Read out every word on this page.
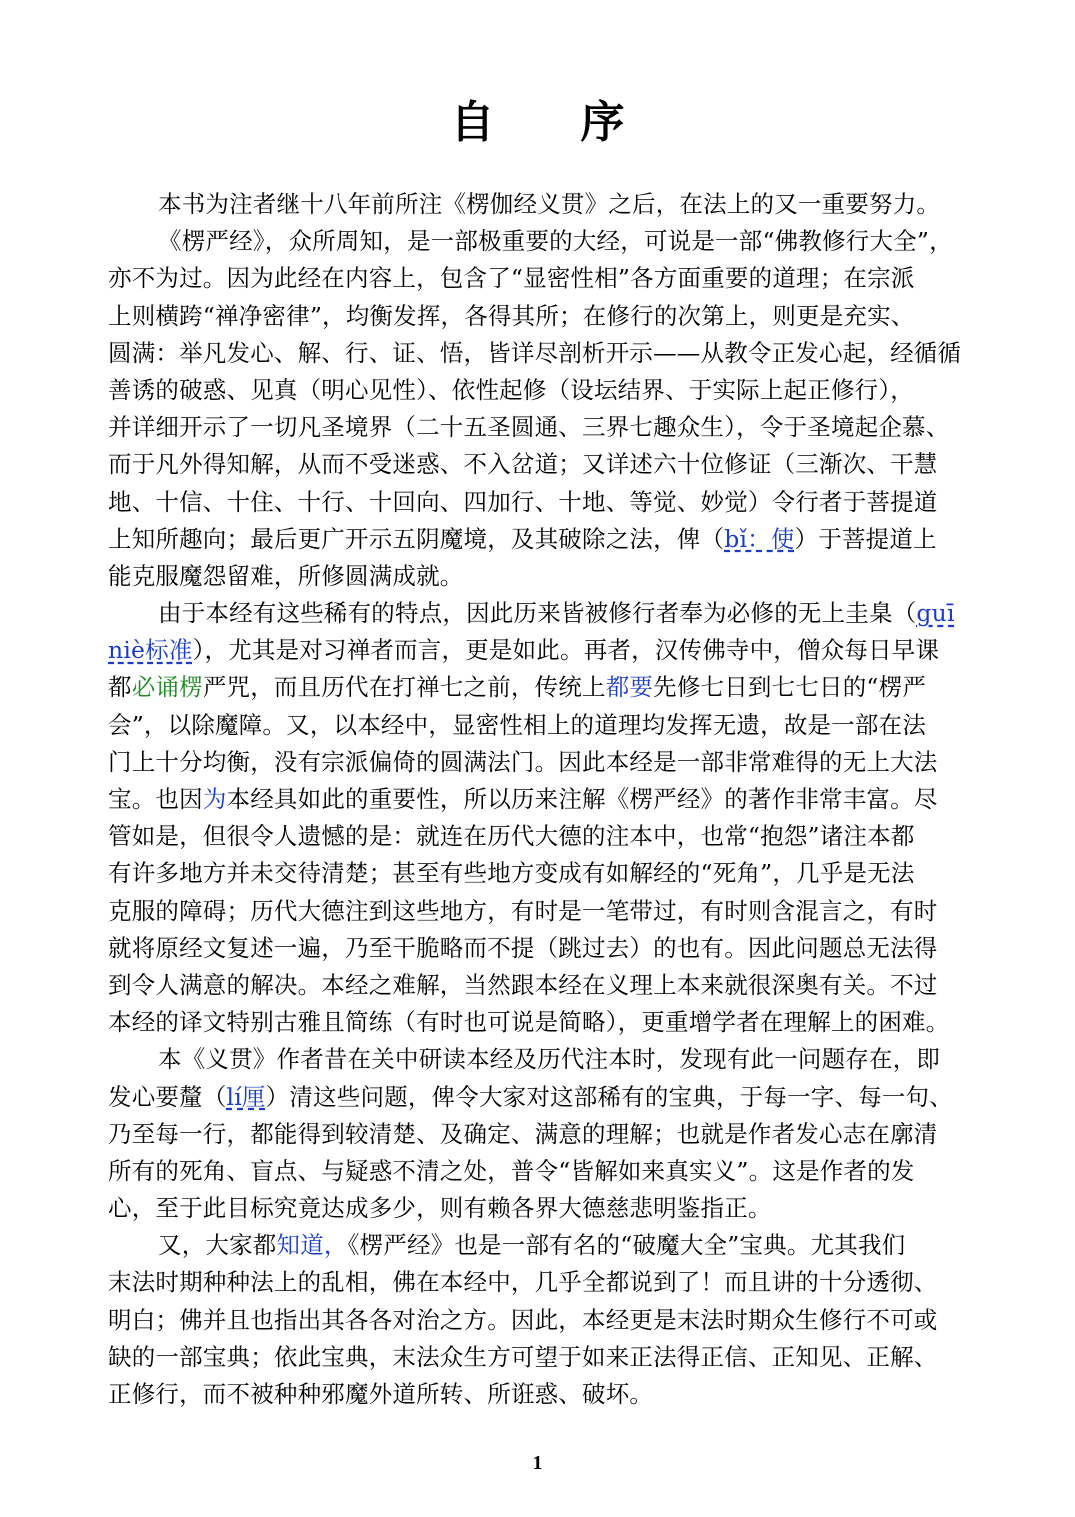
自 序
本书为注者继十八年前所注《楞伽经义贯》之后，在法上的又一重要努力。
《楞严经》，众所周知，是一部极重要的大经，可说是一部“佛教修行大全”，
亦不为过。因为此经在内容上，包含了“显密性相”各方面重要的道理；在宗派
上则横跨“禅净密律”，均衡发挥，各得其所；在修行的次第上，则更是充实、
圆满：举凡发心、解、行、证、悟，皆详尽剖析开示——从教令正发心起，经循循
善诱的破惑、见真（明心见性）、依性起修（设坛结界、于实际上起正修行），
并详细开示了一切凡圣境界（二十五圣圆通、三界七趣众生），令于圣境起企慕、
而于凡外得知解，从而不受迷惑、不入岔道；又详述六十位修证（三渐次、干慧
地、十信、十住、十行、十回向、四加行、十地、等觉、妙觉）令行者于菩提道
上知所趣向；最后更广开示五阴魔境，及其破除之法，俾（bǐ：使）于菩提道上
能克服魔怨留难，所修圆满成就。
由于本经有这些稀有的特点，因此历来皆被修行者奉为必修的无上圭臬（guī
niè标准），尤其是对习禅者而言，更是如此。再者，汉传佛寺中，僧众每日早课
都必诵楞严咒，而且历代在打禅七之前，传统上都要先修七日到七七日的“楞严
会”，以除魔障。又，以本经中，显密性相上的道理均发挥无遗，故是一部在法
门上十分均衡，没有宗派偏倚的圆满法门。因此本经是一部非常难得的无上大法
宝。也因为本经具如此的重要性，所以历来注解《楞严经》的著作非常丰富。尽
管如是，但很令人遗憾的是：就连在历代大德的注本中，也常“抱怨”诸注本都
有许多地方并未交待清楚；甚至有些地方变成有如解经的“死角”，几乎是无法
克服的障碍；历代大德注到这些地方，有时是一笔带过，有时则含混言之，有时
就将原经文复述一遍，乃至干脆略而不提（跳过去）的也有。因此问题总无法得
到令人满意的解决。本经之难解，当然跟本经在义理上本来就很深奥有关。不过
本经的译文特别古雅且简练（有时也可说是简略），更重增学者在理解上的困难。
本《义贯》作者昔在关中研读本经及历代注本时，发现有此一问题存在，即
发心要釐（lí厘）清这些问题，俾令大家对这部稀有的宝典，于每一字、每一句、
乃至每一行，都能得到较清楚、及确定、满意的理解；也就是作者发心志在廓清
所有的死角、盲点、与疑惑不清之处，普令“皆解如来真实义”。这是作者的发
心，至于此目标究竟达成多少，则有赖各界大德慈悲明鉴指正。
又，大家都知道，《楞严经》也是一部有名的“破魔大全”宝典。尤其我们
末法时期种种法上的乱相，佛在本经中，几乎全都说到了！而且讲的十分透彻、
明白；佛并且也指出其各各对治之方。因此，本经更是末法时期众生修行不可或
缺的一部宝典；依此宝典，末法众生方可望于如来正法得正信、正知见、正解、
正修行，而不被种种邪魔外道所转、所诳惑、破坏。
1
